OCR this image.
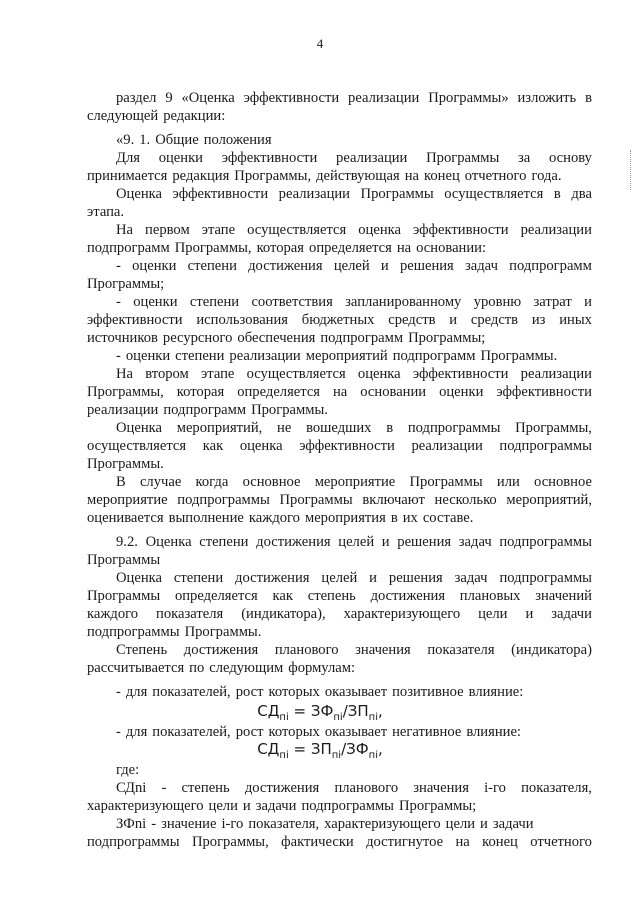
4
раздел 9 «Оценка эффективности реализации Программы» изложить в
следующей редакции:
«9. 1. Общие положения
Для оценки эффективности реализации Программы за основу
принимается редакция Программы, действующая на конец отчетного года.
Оценка эффективности реализации Программы осуществляется в два
этапа.
На первом этапе осуществляется оценка эффективности реализации
подпрограмм Программы, которая определяется на основании:
- оценки степени достижения целей и решения задач подпрограмм
Программы;
- оценки степени соответствия запланированному уровню затрат и
эффективности использования бюджетных средств и средств из иных
источников ресурсного обеспечения подпрограмм Программы;
- оценки степени реализации мероприятий подпрограмм Программы.
На втором этапе осуществляется оценка эффективности реализации
Программы, которая определяется на основании оценки эффективности
реализации подпрограмм Программы.
Оценка мероприятий, не вошедших в подпрограммы Программы,
осуществляется как оценка эффективности реализации подпрограммы
Программы.
В случае когда основное мероприятие Программы или основное
мероприятие подпрограммы Программы включают несколько мероприятий,
оценивается выполнение каждого мероприятия в их составе.
9.2. Оценка степени достижения целей и решения задач подпрограммы
Программы
Оценка степени достижения целей и решения задач подпрограммы
Программы определяется как степень достижения плановых значений
каждого показателя (индикатора), характеризующего цели и задачи
подпрограммы Программы.
Степень достижения планового значения показателя (индикатора)
рассчитывается по следующим формулам:
- для показателей, рост которых оказывает позитивное влияние:
- для показателей, рост которых оказывает негативное влияние:
где:
СДni - степень достижения планового значения i-го показателя,
характеризующего цели и задачи подпрограммы Программы;
ЗФni - значение i-го показателя, характеризующего цели и задачи
подпрограммы Программы, фактически достигнутое на конец отчетного
$СД_{пi} = ЗФ_{пi}/ЗП_{пi}$,
$СД_{пi} = ЗП_{пi}/ЗФ_{пi}$,
